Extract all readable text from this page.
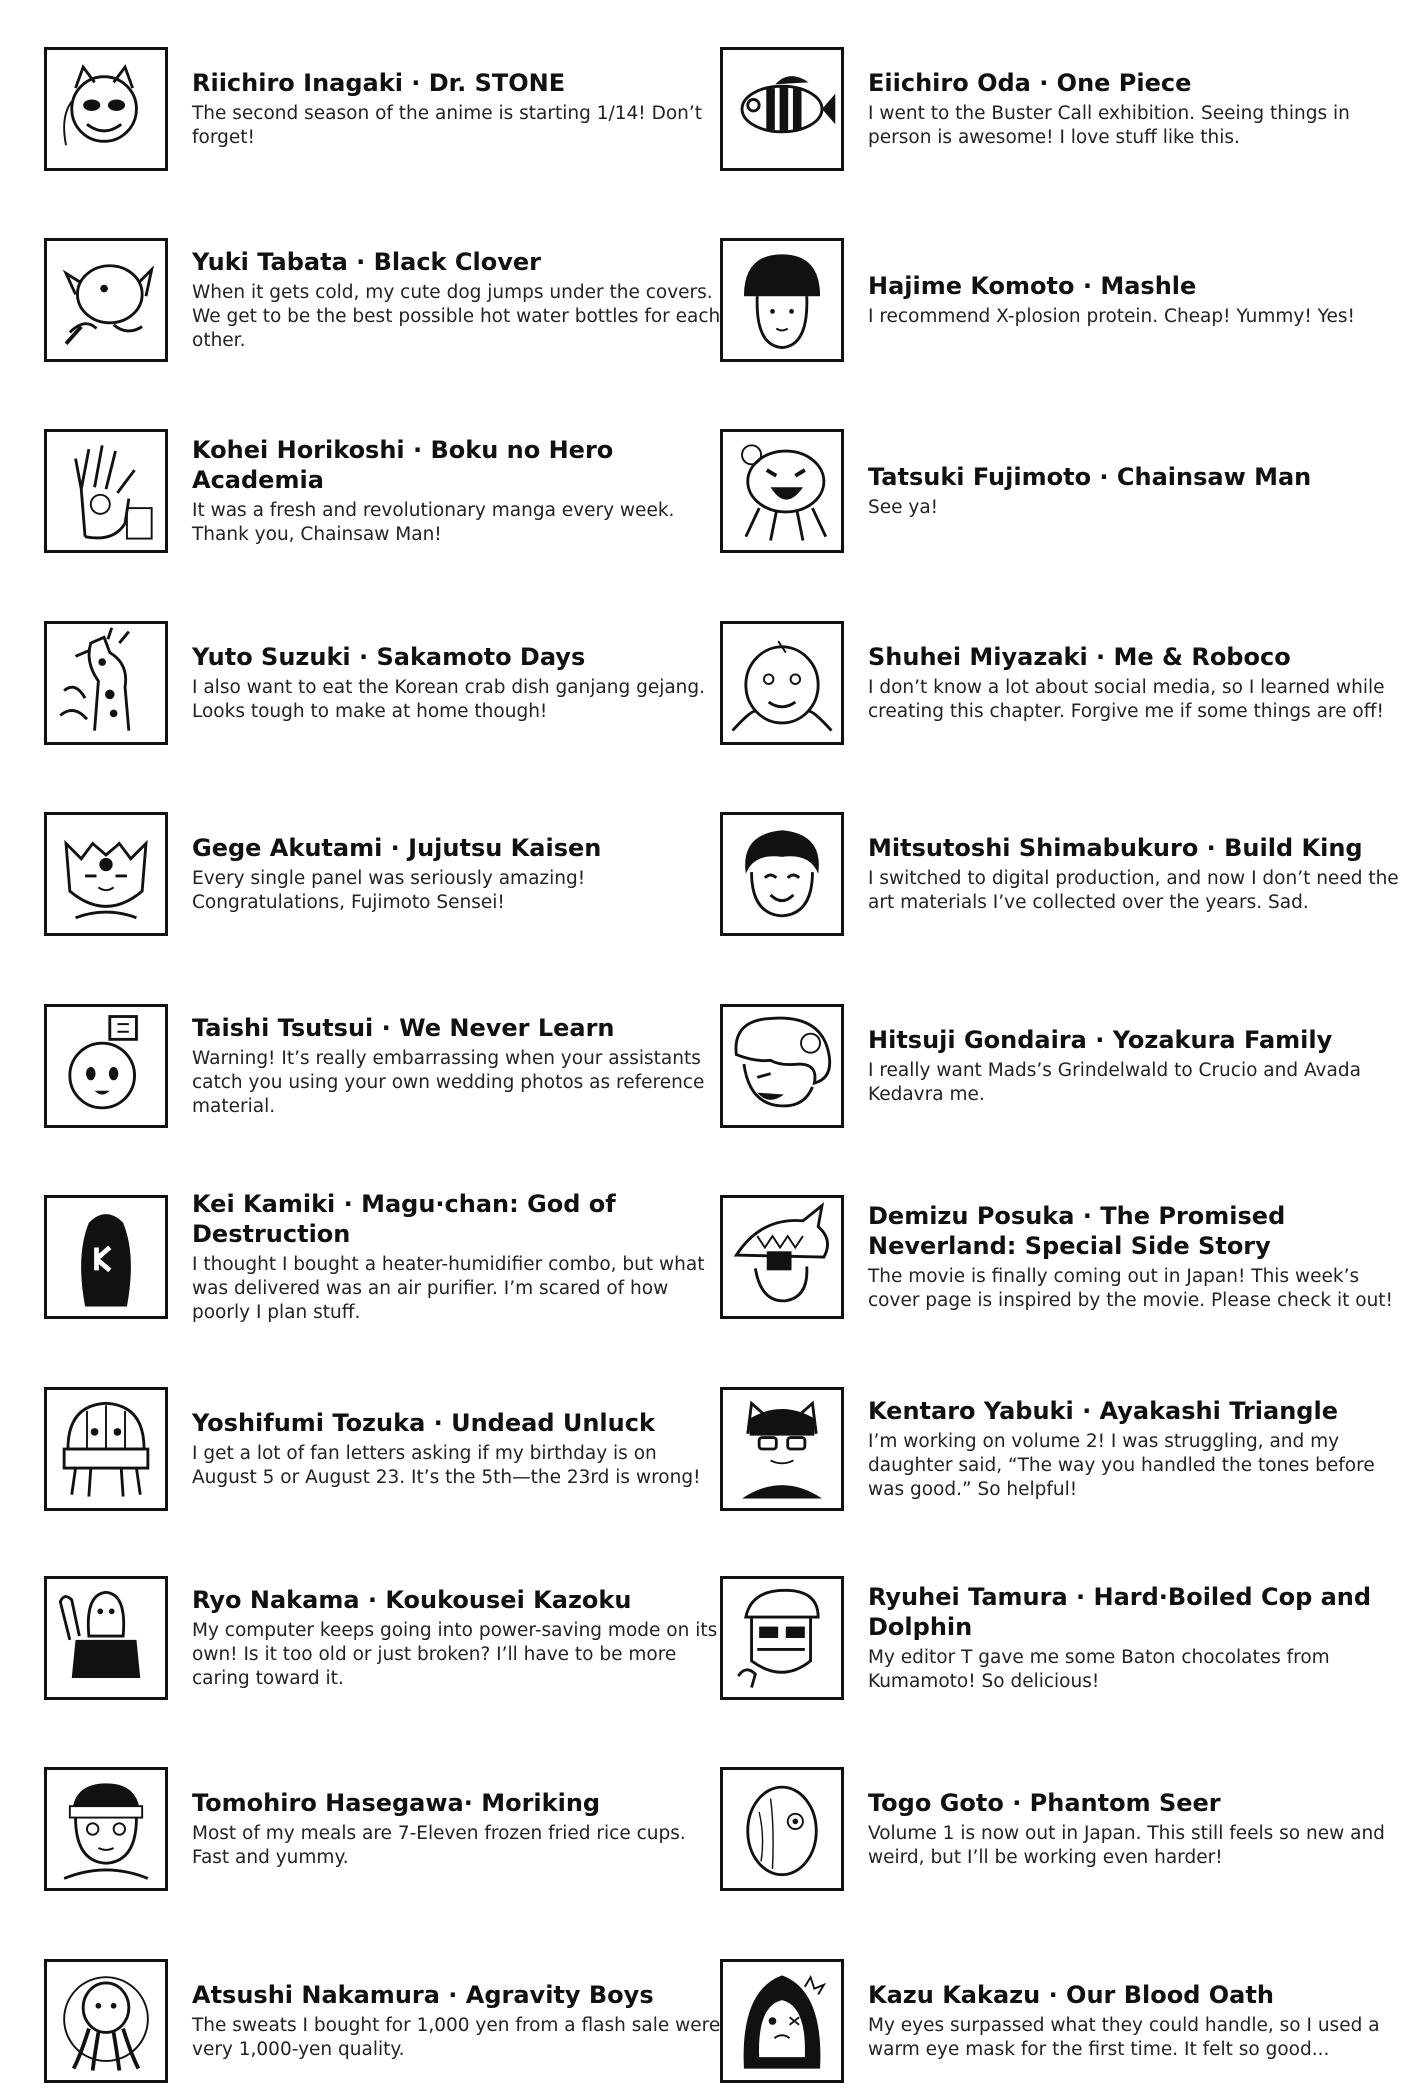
Riichiro Inagaki · Dr. STONE

The second season of the anime is starting 1/14! Don’t forget!

Eiichiro Oda · One Piece

I went to the Buster Call exhibition. Seeing things in person is awesome! I love stuff like this.

Yuki Tabata · Black Clover

When it gets cold, my cute dog jumps under the covers. We get to be the best possible hot water bottles for each other.

Hajime Komoto · Mashle

I recommend X-plosion protein. Cheap! Yummy! Yes!

Kohei Horikoshi · Boku no Hero Academia

It was a fresh and revolutionary manga every week. Thank you, Chainsaw Man!

Tatsuki Fujimoto · Chainsaw Man

See ya!

Yuto Suzuki · Sakamoto Days

I also want to eat the Korean crab dish ganjang gejang. Looks tough to make at home though!

Shuhei Miyazaki · Me & Roboco

I don’t know a lot about social media, so I learned while creating this chapter. Forgive me if some things are off!

Gege Akutami · Jujutsu Kaisen

Every single panel was seriously amazing! Congratulations, Fujimoto Sensei!

Mitsutoshi Shimabukuro · Build King

I switched to digital production, and now I don’t need the art materials I’ve collected over the years. Sad.

Taishi Tsutsui · We Never Learn

Warning! It’s really embarrassing when your assistants catch you using your own wedding photos as reference material.

Hitsuji Gondaira · Yozakura Family

I really want Mads’s Grindelwald to Crucio and Avada Kedavra me.

Kei Kamiki · Magu·chan: God of Destruction

I thought I bought a heater-humidifier combo, but what was delivered was an air purifier. I’m scared of how poorly I plan stuff.

Demizu Posuka · The Promised Neverland: Special Side Story

The movie is finally coming out in Japan! This week’s cover page is inspired by the movie. Please check it out!

Yoshifumi Tozuka · Undead Unluck

I get a lot of fan letters asking if my birthday is on August 5 or August 23. It’s the 5th—the 23rd is wrong!

Kentaro Yabuki · Ayakashi Triangle

I’m working on volume 2! I was struggling, and my daughter said, “The way you handled the tones before was good.” So helpful!

Ryo Nakama · Koukousei Kazoku

My computer keeps going into power-saving mode on its own! Is it too old or just broken? I’ll have to be more caring toward it.

Ryuhei Tamura · Hard·Boiled Cop and Dolphin

My editor T gave me some Baton chocolates from Kumamoto! So delicious!

Tomohiro Hasegawa· Moriking

Most of my meals are 7-Eleven frozen fried rice cups. Fast and yummy.

Togo Goto · Phantom Seer

Volume 1 is now out in Japan. This still feels so new and weird, but I’ll be working even harder!

Atsushi Nakamura · Agravity Boys

The sweats I bought for 1,000 yen from a flash sale were very 1,000-yen quality.

Kazu Kakazu · Our Blood Oath

My eyes surpassed what they could handle, so I used a warm eye mask for the first time. It felt so good...
